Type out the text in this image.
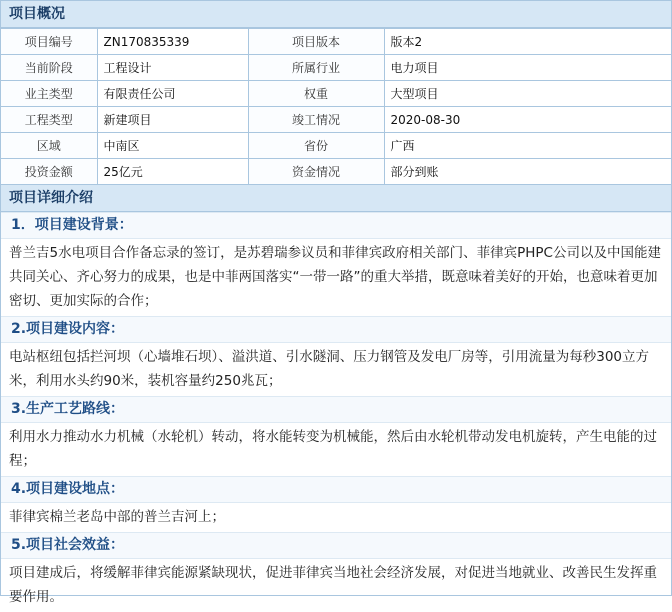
项目概况
项目编号	ZN170835339	项目版本	版本2
当前阶段	工程设计	所属行业	电力项目
业主类型	有限责任公司	权重	大型项目
工程类型	新建项目	竣工情况	2020-08-30
区域	中南区	省份	广西
投资金额	25亿元	资金情况	部分到账
项目详细介绍
1．项目建设背景：
普兰吉5水电项目合作备忘录的签订，是苏碧瑞参议员和菲律宾政府相关部门、菲律宾PHPC公司以及中国能建共同关心、齐心努力的成果，也是中菲两国落实“一带一路”的重大举措，既意味着美好的开始，也意味着更加密切、更加实际的合作；
2.项目建设内容：
电站枢纽包括拦河坝（心墙堆石坝）、溢洪道、引水隧洞、压力钢管及发电厂房等，引用流量为每秒300立方米，利用水头约90米，装机容量约250兆瓦；
3.生产工艺路线：
利用水力推动水力机械（水轮机）转动，将水能转变为机械能，然后由水轮机带动发电机旋转，产生电能的过程；
4.项目建设地点：
菲律宾棉兰老岛中部的普兰吉河上；
5.项目社会效益：
项目建成后，将缓解菲律宾能源紧缺现状，促进菲律宾当地社会经济发展，对促进当地就业、改善民生发挥重要作用。
